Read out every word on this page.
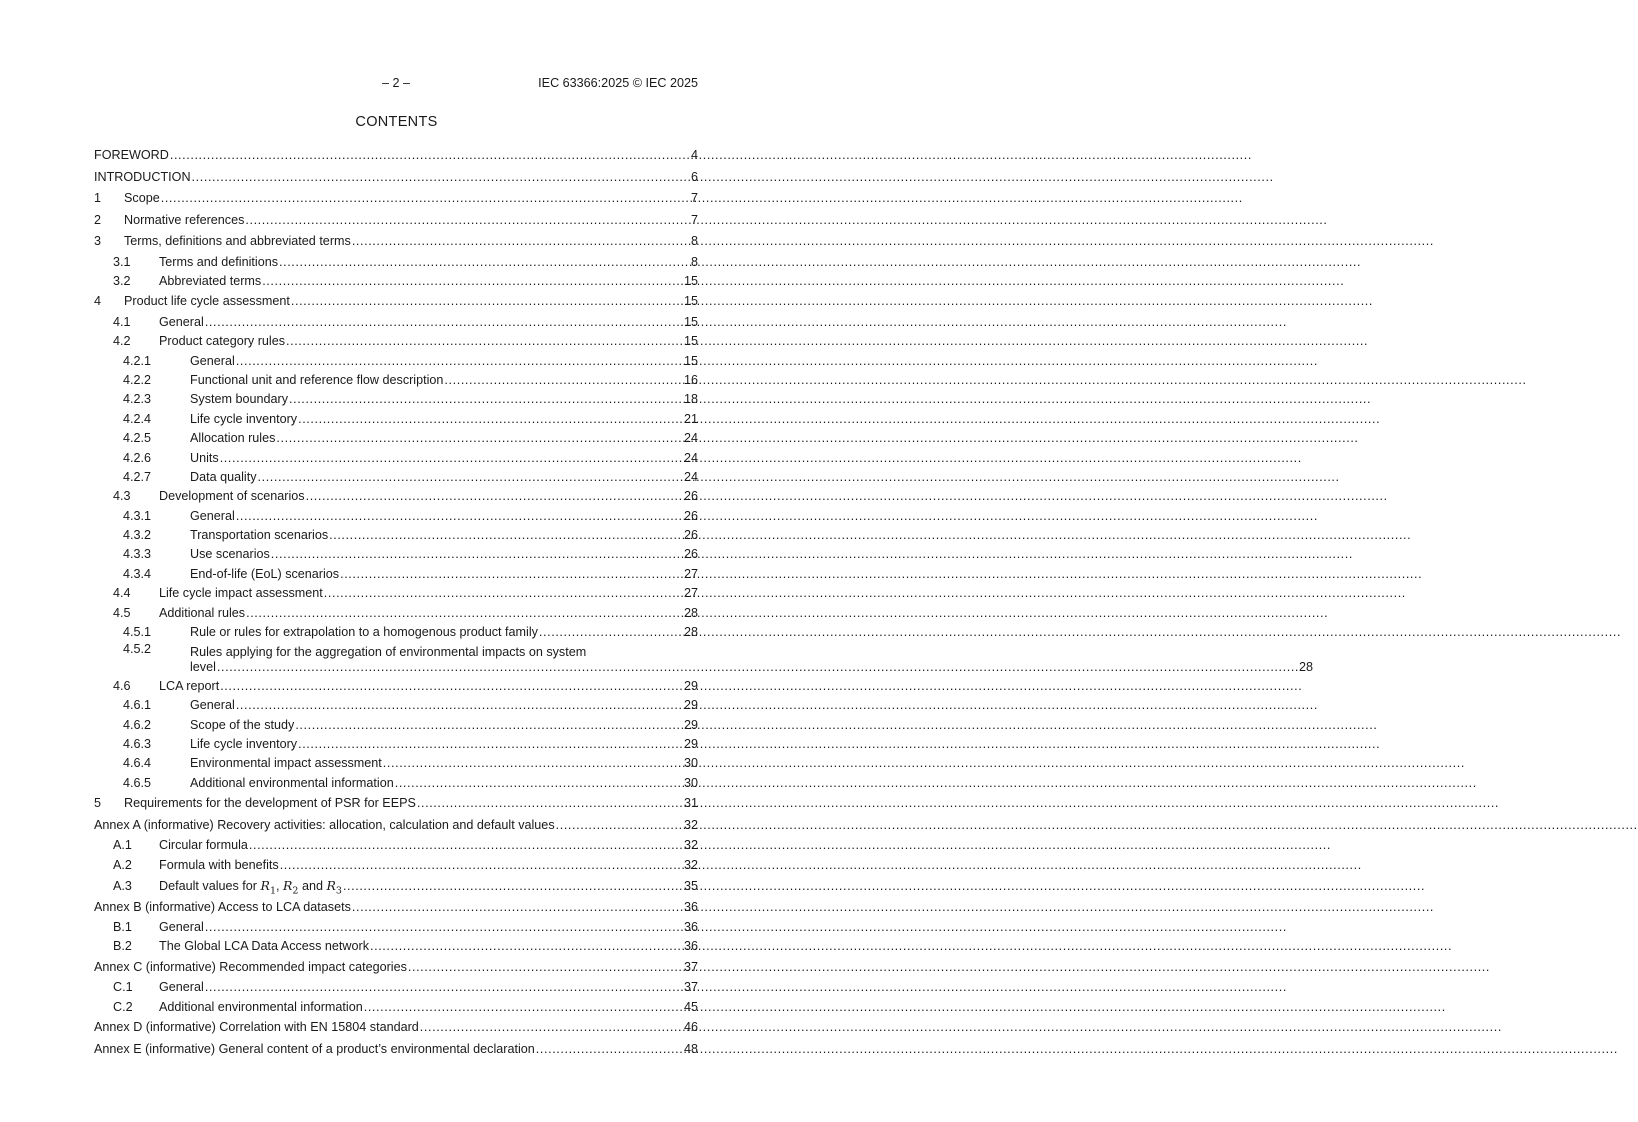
– 2 –	IEC 63366:2025 © IEC 2025
CONTENTS
FOREWORD .....	4
INTRODUCTION .....	6
1	Scope .....	7
2	Normative references .....	7
3	Terms, definitions and abbreviated terms .....	8
3.1	Terms and definitions .....	8
3.2	Abbreviated terms .....	15
4	Product life cycle assessment .....	15
4.1	General .....	15
4.2	Product category rules .....	15
4.2.1	General .....	15
4.2.2	Functional unit and reference flow description .....	16
4.2.3	System boundary .....	18
4.2.4	Life cycle inventory .....	21
4.2.5	Allocation rules .....	24
4.2.6	Units .....	24
4.2.7	Data quality .....	24
4.3	Development of scenarios .....	26
4.3.1	General .....	26
4.3.2	Transportation scenarios .....	26
4.3.3	Use scenarios .....	26
4.3.4	End-of-life (EoL) scenarios .....	27
4.4	Life cycle impact assessment .....	27
4.5	Additional rules .....	28
4.5.1	Rule or rules for extrapolation to a homogenous product family .....	28
4.5.2	Rules applying for the aggregation of environmental impacts on system
level .....	28
4.6	LCA report .....	29
4.6.1	General .....	29
4.6.2	Scope of the study .....	29
4.6.3	Life cycle inventory .....	29
4.6.4	Environmental impact assessment .....	30
4.6.5	Additional environmental information .....	30
5	Requirements for the development of PSR for EEPS .....	31
Annex A (informative) Recovery activities: allocation, calculation and default values .....	32
A.1	Circular formula .....	32
A.2	Formula with benefits .....	32
A.3	Default values for $R_1$, $R_2$ and $R_3$ .....	35
Annex B (informative) Access to LCA datasets .....	36
B.1	General .....	36
B.2	The Global LCA Data Access network .....	36
Annex C (informative) Recommended impact categories .....	37
C.1	General .....	37
C.2	Additional environmental information .....	45
Annex D (informative) Correlation with EN 15804 standard .....	46
Annex E (informative) General content of a product’s environmental declaration .....	48
